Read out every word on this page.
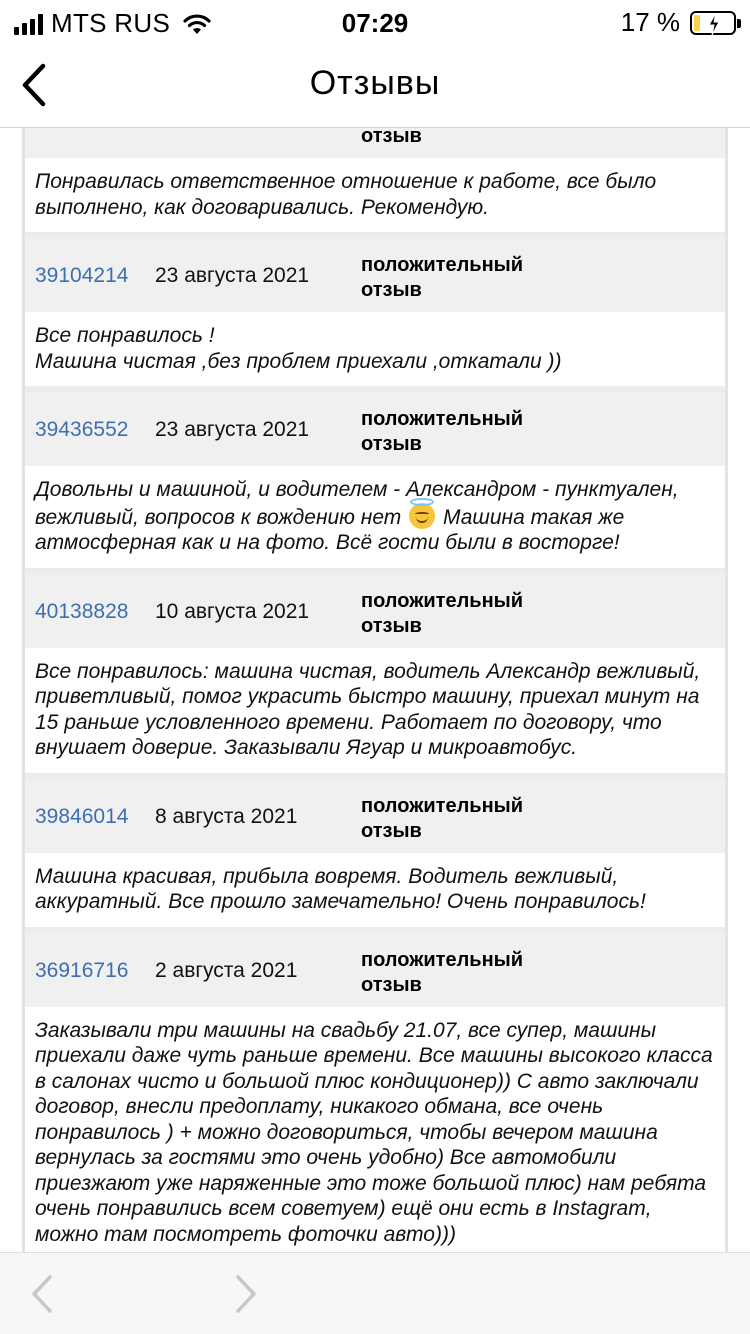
MTS RUS	07:29	17 %
Отзывы
отзыв
Понравилась ответственное отношение к работе, все было выполнено, как договаривались. Рекомендую.
39104214 23 августа 2021	положительный
отзыв
Все понравилось !
Машина чистая ,без проблем приехали ,откатали ))
39436552 23 августа 2021	положительный
отзыв
Довольны и машиной, и водителем - Александром - пунктуален, вежливый, вопросов к вождению нет Машина такая же атмосферная как и на фото. Всё гости были в восторге!
40138828 10 августа 2021	положительный
отзыв
Все понравилось: машина чистая, водитель Александр вежливый, приветливый, помог украсить быстро машину, приехал минут на 15 раньше условленного времени. Работает по договору, что внушает доверие. Заказывали Ягуар и микроавтобус.
39846014 8 августа 2021	положительный
отзыв
Машина красивая, прибыла вовремя. Водитель вежливый, аккуратный. Все прошло замечательно! Очень понравилось!
36916716 2 августа 2021	положительный
отзыв
Заказывали три машины на свадьбу 21.07, все супер, машины приехали даже чуть раньше времени. Все машины высокого класса в салонах чисто и большой плюс кондиционер)) С авто заключали договор, внесли предоплату, никакого обмана, все очень понравилось ) + можно договориться, чтобы вечером машина вернулась за гостями это очень удобно) Все автомобили приезжают уже наряженные это тоже большой плюс) нам ребята очень понравились всем советуем) ещё они есть в Instagram, можно там посмотреть фоточки авто)))
